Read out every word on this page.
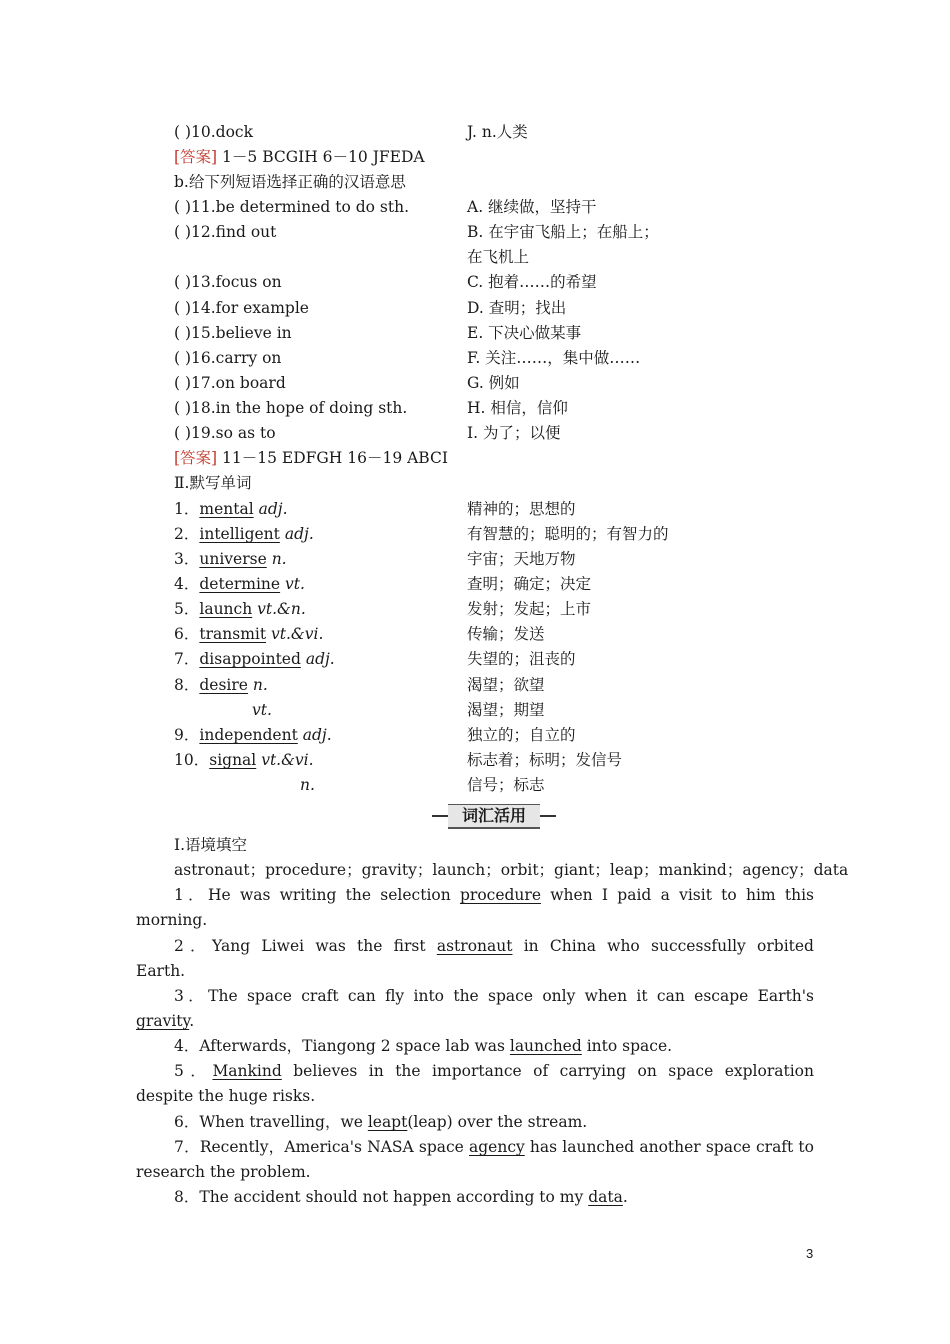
( )10.dock	J. n.人类
[答案] 1－5 BCGIH 6－10 JFEDA
b.给下列短语选择正确的汉语意思
( )11.be determined to do sth.	A. 继续做，坚持干
( )12.find out	B. 在宇宙飞船上；在船上；
在飞机上
( )13.focus on	C. 抱着……的希望
( )14.for example	D. 查明；找出
( )15.believe in	E. 下决心做某事
( )16.carry on	F. 关注……，集中做……
( )17.on board	G. 例如
( )18.in the hope of doing sth.	H. 相信，信仰
( )19.so as to	I. 为了；以便
[答案] 11－15 EDFGH 16－19 ABCI
Ⅱ.默写单词
1．mental adj.	精神的；思想的
2．intelligent adj.	有智慧的；聪明的；有智力的
3．universe n.	宇宙；天地万物
4．determine vt.	查明；确定；决定
5．launch vt.&n.	发射；发起；上市
6．transmit vt.&vi.	传输；发送
7．disappointed adj.	失望的；沮丧的
8．desire n.	渴望；欲望
vt.	渴望；期望
9．independent adj.	独立的；自立的
10．signal vt.&vi.	标志着；标明；发信号
n.	信号；标志
词汇活用
Ⅰ.语境填空
astronaut；procedure；gravity；launch；orbit；giant；leap；mankind；agency；data
1．He was writing the selection procedure when I paid a visit to him this
morning.
2．Yang Liwei was the first astronaut in China who successfully orbited
Earth.
3．The space craft can fly into the space only when it can escape Earth's
gravity.
4．Afterwards，Tiangong 2 space lab was launched into space.
5．Mankind believes in the importance of carrying on space exploration
despite the huge risks.
6．When travelling，we leapt(leap) over the stream.
7．Recently，America's NASA space agency has launched another space craft to
research the problem.
8．The accident should not happen according to my data.
3
